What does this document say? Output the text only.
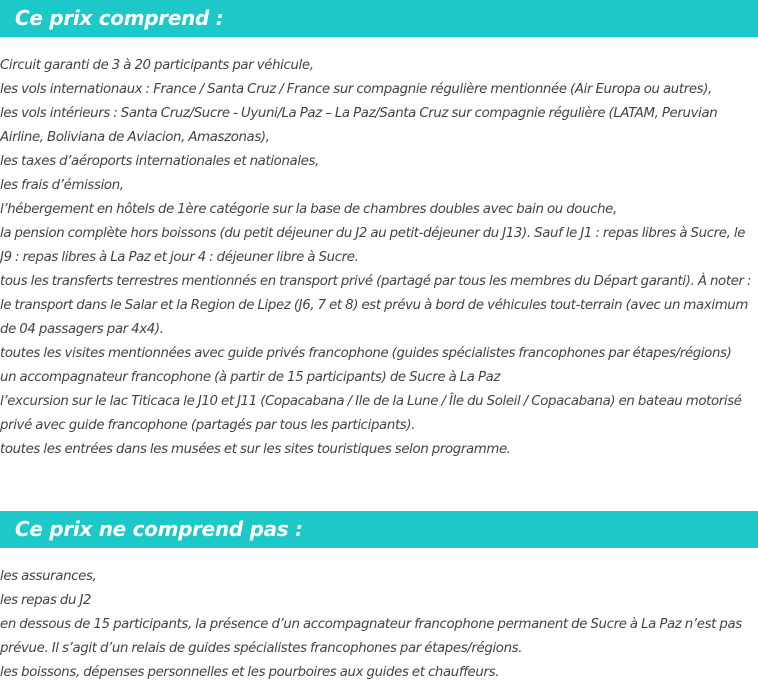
Ce prix comprend :
Circuit garanti de 3 à 20 participants par véhicule,
les vols internationaux : France / Santa Cruz / France sur compagnie régulière mentionnée (Air Europa ou autres),
les vols intérieurs : Santa Cruz/Sucre - Uyuni/La Paz – La Paz/Santa Cruz sur compagnie régulière (LATAM, Peruvian Airline, Boliviana de Aviacion, Amaszonas),
les taxes d’aéroports internationales et nationales,
les frais d’émission,
l’hébergement en hôtels de 1ère catégorie sur la base de chambres doubles avec bain ou douche,
la pension complète hors boissons (du petit déjeuner du J2 au petit-déjeuner du J13). Sauf le J1 : repas libres à Sucre, le J9 : repas libres à La Paz et jour 4 : déjeuner libre à Sucre.
tous les transferts terrestres mentionnés en transport privé (partagé par tous les membres du Départ garanti). À noter : le transport dans le Salar et la Region de Lipez (J6, 7 et 8) est prévu à bord de véhicules tout-terrain (avec un maximum de 04 passagers par 4x4).
toutes les visites mentionnées avec guide privés francophone (guides spécialistes francophones par étapes/régions)
un accompagnateur francophone (à partir de 15 participants) de Sucre à La Paz
l’excursion sur le lac Titicaca le J10 et J11 (Copacabana / Ile de la Lune / Île du Soleil / Copacabana) en bateau motorisé privé avec guide francophone (partagés par tous les participants).
toutes les entrées dans les musées et sur les sites touristiques selon programme.
Ce prix ne comprend pas :
les assurances,
les repas du J2
en dessous de 15 participants, la présence d’un accompagnateur francophone permanent de Sucre à La Paz n’est pas prévue. Il s’agit d’un relais de guides spécialistes francophones par étapes/régions.
les boissons, dépenses personnelles et les pourboires aux guides et chauffeurs.
